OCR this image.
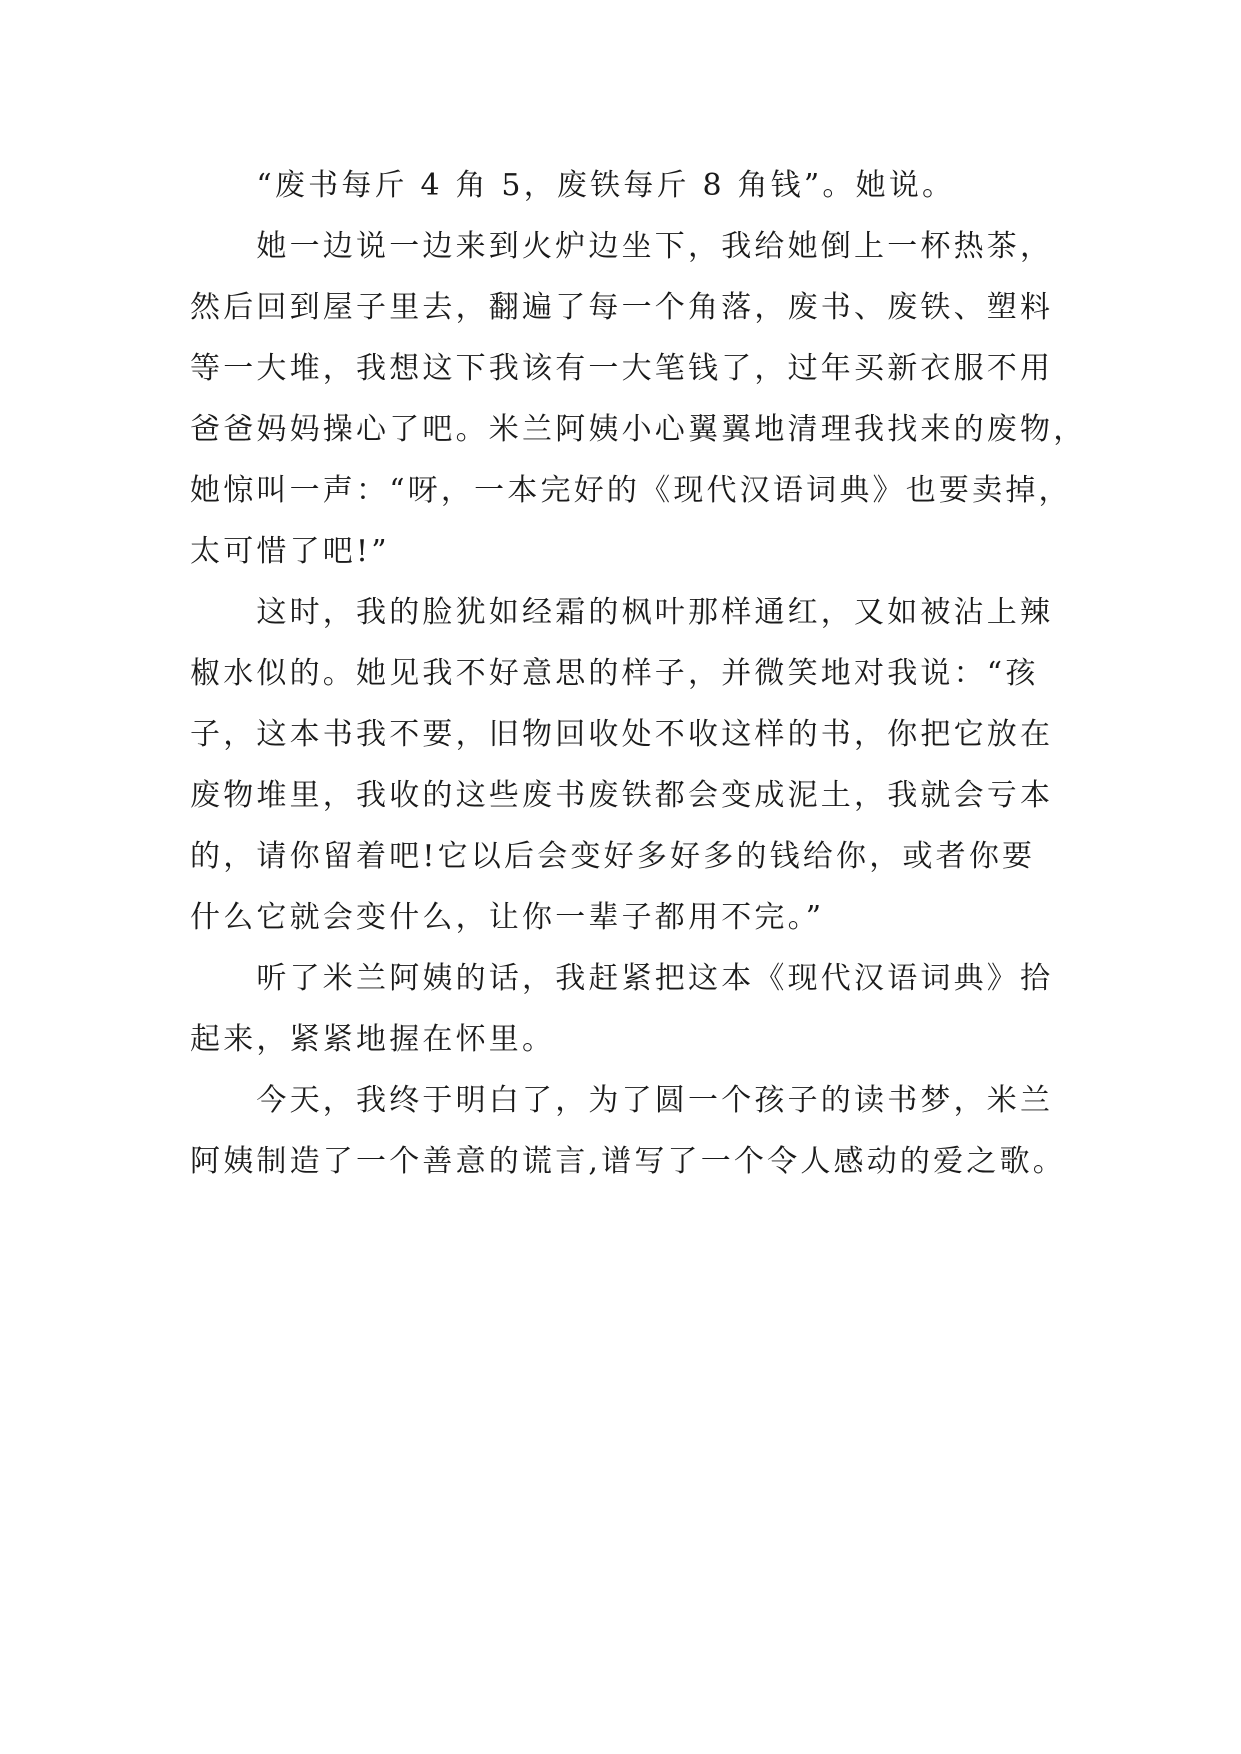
　　“废书每斤 4 角 5，废铁每斤 8 角钱”。她说。
　　她一边说一边来到火炉边坐下，我给她倒上一杯热茶，
然后回到屋子里去，翻遍了每一个角落，废书、废铁、塑料
等一大堆，我想这下我该有一大笔钱了，过年买新衣服不用
爸爸妈妈操心了吧。米兰阿姨小心翼翼地清理我找来的废物，
她惊叫一声：“呀，一本完好的《现代汉语词典》也要卖掉，
太可惜了吧!”
　　这时，我的脸犹如经霜的枫叶那样通红，又如被沾上辣
椒水似的。她见我不好意思的样子，并微笑地对我说：“孩
子，这本书我不要，旧物回收处不收这样的书，你把它放在
废物堆里，我收的这些废书废铁都会变成泥土，我就会亏本
的，请你留着吧!它以后会变好多好多的钱给你，或者你要
什么它就会变什么，让你一辈子都用不完。”
　　听了米兰阿姨的话，我赶紧把这本《现代汉语词典》拾
起来，紧紧地握在怀里。
　　今天，我终于明白了，为了圆一个孩子的读书梦，米兰
阿姨制造了一个善意的谎言,谱写了一个令人感动的爱之歌。
